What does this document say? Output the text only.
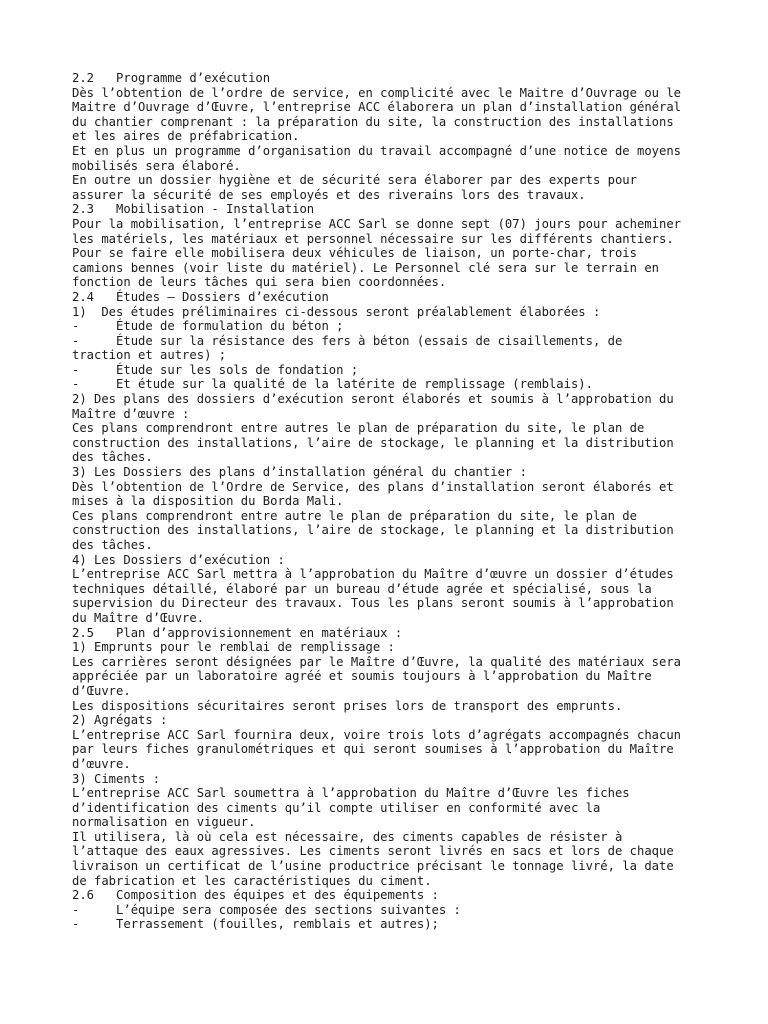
2.2   Programme d’exécution
Dès l’obtention de l’ordre de service, en complicité avec le Maitre d’Ouvrage ou le
Maitre d’Ouvrage d’Œuvre, l’entreprise ACC élaborera un plan d’installation général
du chantier comprenant : la préparation du site, la construction des installations
et les aires de préfabrication.
Et en plus un programme d’organisation du travail accompagné d’une notice de moyens
mobilisés sera élaboré.
En outre un dossier hygiène et de sécurité sera élaborer par des experts pour
assurer la sécurité de ses employés et des riverains lors des travaux.
2.3   Mobilisation - Installation
Pour la mobilisation, l’entreprise ACC Sarl se donne sept (07) jours pour acheminer
les matériels, les matériaux et personnel nécessaire sur les différents chantiers.
Pour se faire elle mobilisera deux véhicules de liaison, un porte-char, trois
camions bennes (voir liste du matériel). Le Personnel clé sera sur le terrain en
fonction de leurs tâches qui sera bien coordonnées.
2.4   Études – Dossiers d’exécution
1)  Des études préliminaires ci-dessous seront préalablement élaborées :
-     Étude de formulation du béton ;
-     Étude sur la résistance des fers à béton (essais de cisaillements, de
traction et autres) ;
-     Étude sur les sols de fondation ;
-     Et étude sur la qualité de la latérite de remplissage (remblais).
2) Des plans des dossiers d’exécution seront élaborés et soumis à l’approbation du
Maître d’œuvre :
Ces plans comprendront entre autres le plan de préparation du site, le plan de
construction des installations, l’aire de stockage, le planning et la distribution
des tâches.
3) Les Dossiers des plans d’installation général du chantier :
Dès l’obtention de l’Ordre de Service, des plans d’installation seront élaborés et
mises à la disposition du Borda Mali.
Ces plans comprendront entre autre le plan de préparation du site, le plan de
construction des installations, l’aire de stockage, le planning et la distribution
des tâches.
4) Les Dossiers d’exécution :
L’entreprise ACC Sarl mettra à l’approbation du Maître d’œuvre un dossier d’études
techniques détaillé, élaboré par un bureau d’étude agrée et spécialisé, sous la
supervision du Directeur des travaux. Tous les plans seront soumis à l’approbation
du Maître d’Œuvre.
2.5   Plan d’approvisionnement en matériaux :
1) Emprunts pour le remblai de remplissage :
Les carrières seront désignées par le Maître d’Œuvre, la qualité des matériaux sera
appréciée par un laboratoire agréé et soumis toujours à l’approbation du Maître
d’Œuvre.
Les dispositions sécuritaires seront prises lors de transport des emprunts.
2) Agrégats :
L’entreprise ACC Sarl fournira deux, voire trois lots d’agrégats accompagnés chacun
par leurs fiches granulométriques et qui seront soumises à l’approbation du Maître
d’œuvre.
3) Ciments :
L’entreprise ACC Sarl soumettra à l’approbation du Maître d’Œuvre les fiches
d’identification des ciments qu’il compte utiliser en conformité avec la
normalisation en vigueur.
Il utilisera, là où cela est nécessaire, des ciments capables de résister à
l’attaque des eaux agressives. Les ciments seront livrés en sacs et lors de chaque
livraison un certificat de l’usine productrice précisant le tonnage livré, la date
de fabrication et les caractéristiques du ciment.
2.6   Composition des équipes et des équipements :
-     L’équipe sera composée des sections suivantes :
-     Terrassement (fouilles, remblais et autres);
